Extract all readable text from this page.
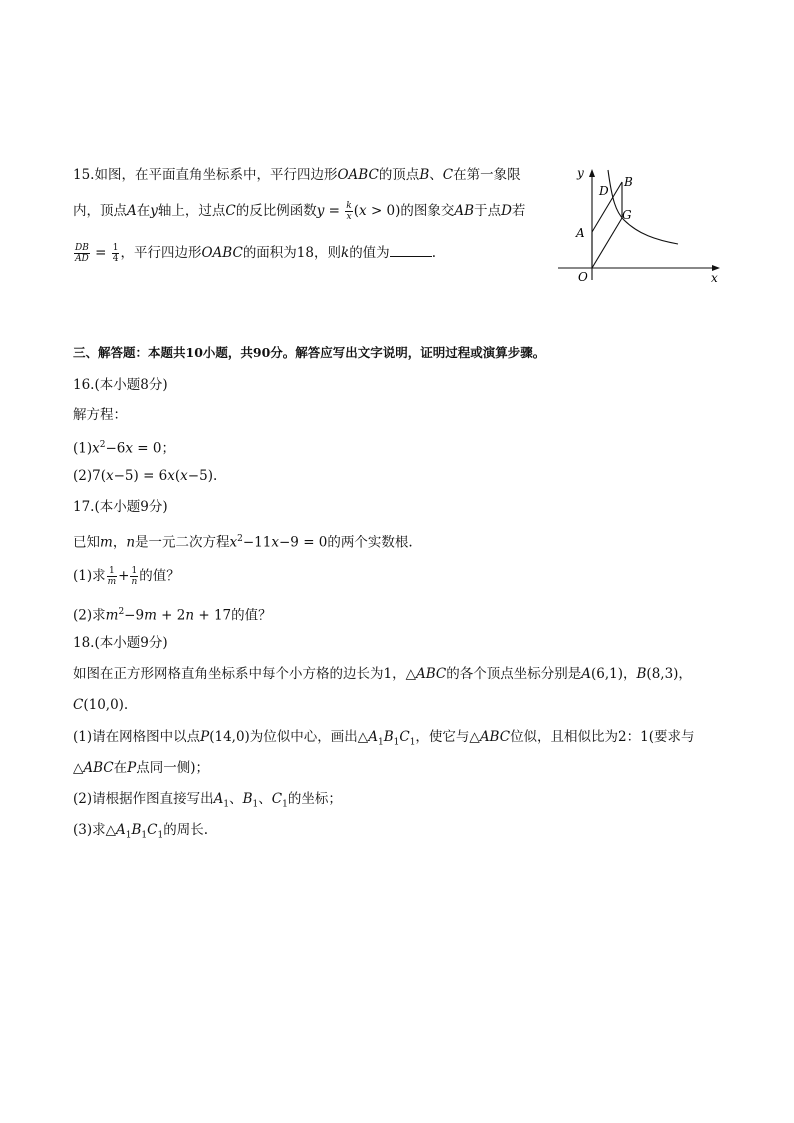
15.如图，在平面直角坐标系中，平行四边形OABC的顶点B、C在第一象限
内，顶点A在y轴上，过点C的反比例函数$y = \frac{k}{x} (x > 0)$的图象交AB于点D若
$\frac{DB}{AD} = \frac{1}{4}$ ，平行四边形OABC的面积为18，则k的值为	.
y
x
O
A
B
D
G
三、解答题：本题共10小题，共90分。解答应写出文字说明，证明过程或演算步骤。
16.(本小题8分)
解方程：
$(1)x^2-6x = 0$；
(2)7(x−5) = 6x(x−5).
17.(本小题9分)
已知m，n是一元二次方程$x^2-11x-9 = 0$的两个实数根.
(1)求 $\frac{1}{m} + \frac{1}{n}$ 的值？
(2)求$m^2-9m + 2n + 17$的值？
18.(本小题9分)
如图在正方形网格直角坐标系中每个小方格的边长为1，△ABC的各个顶点坐标分别是A(6,1)，B(8,3)，
C(10,0).
(1)请在网格图中以点P(14,0)为位似中心，画出$\triangle A_1B_1C_1$，使它与△ABC位似，且相似比为2：1(要求与
△ABC在P点同一侧)；
(2)请根据作图直接写出$A_1$、$B_1$、$C_1$的坐标；
(3)求$\triangle A_1B_1C_1$的周长.
